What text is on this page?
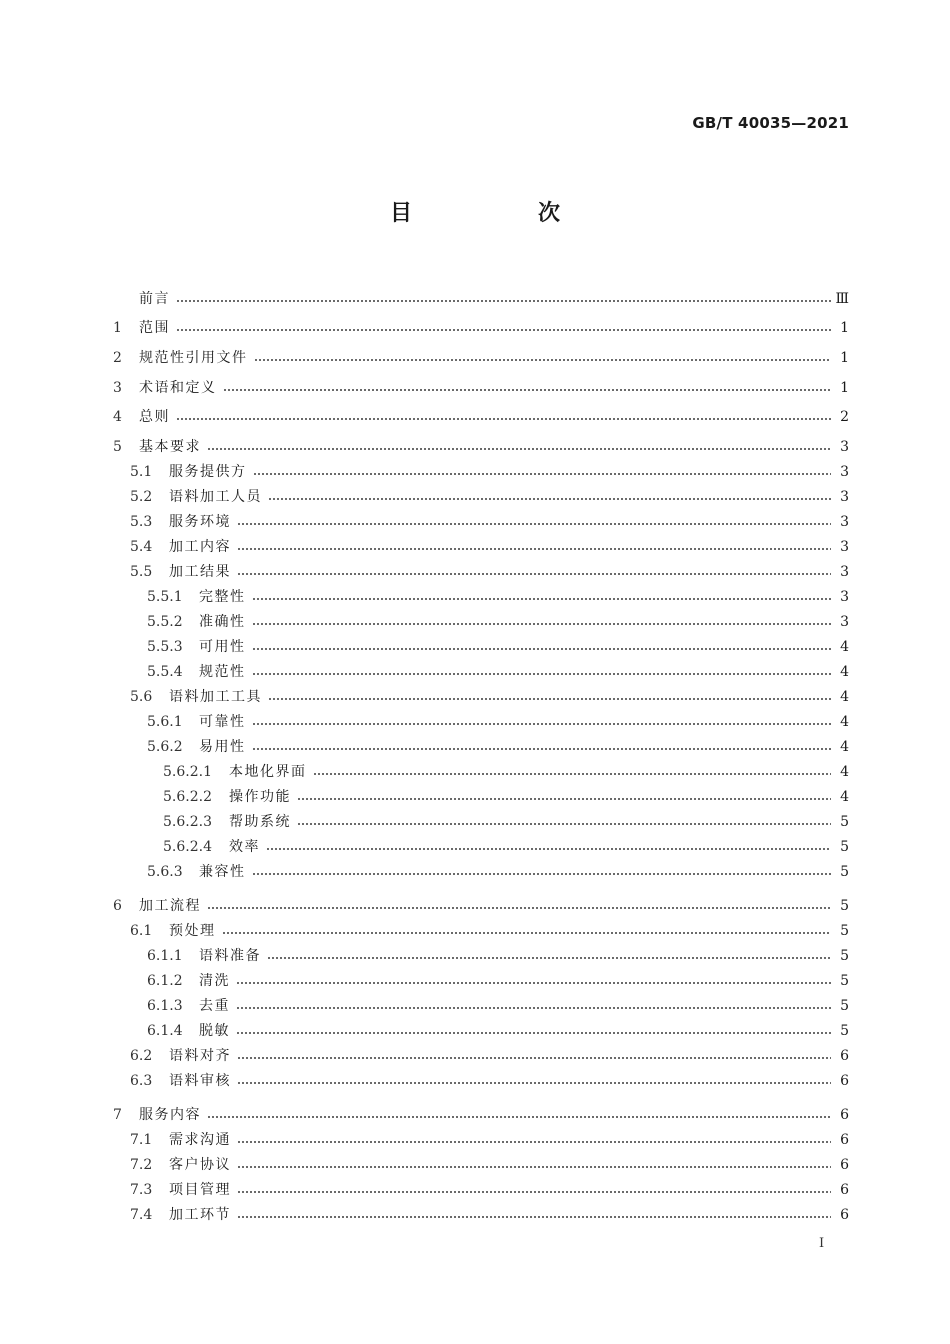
GB/T 40035—2021
目　次
前言	Ⅲ
1	范围	1
2	规范性引用文件	1
3	术语和定义	1
4	总则	2
5	基本要求	3
5.1	服务提供方	3
5.2	语料加工人员	3
5.3	服务环境	3
5.4	加工内容	3
5.5	加工结果	3
5.5.1	完整性	3
5.5.2	准确性	3
5.5.3	可用性	4
5.5.4	规范性	4
5.6	语料加工工具	4
5.6.1	可靠性	4
5.6.2	易用性	4
5.6.2.1	本地化界面	4
5.6.2.2	操作功能	4
5.6.2.3	帮助系统	5
5.6.2.4	效率	5
5.6.3	兼容性	5
6	加工流程	5
6.1	预处理	5
6.1.1	语料准备	5
6.1.2	清洗	5
6.1.3	去重	5
6.1.4	脱敏	5
6.2	语料对齐	6
6.3	语料审核	6
7	服务内容	6
7.1	需求沟通	6
7.2	客户协议	6
7.3	项目管理	6
7.4	加工环节	6
I
